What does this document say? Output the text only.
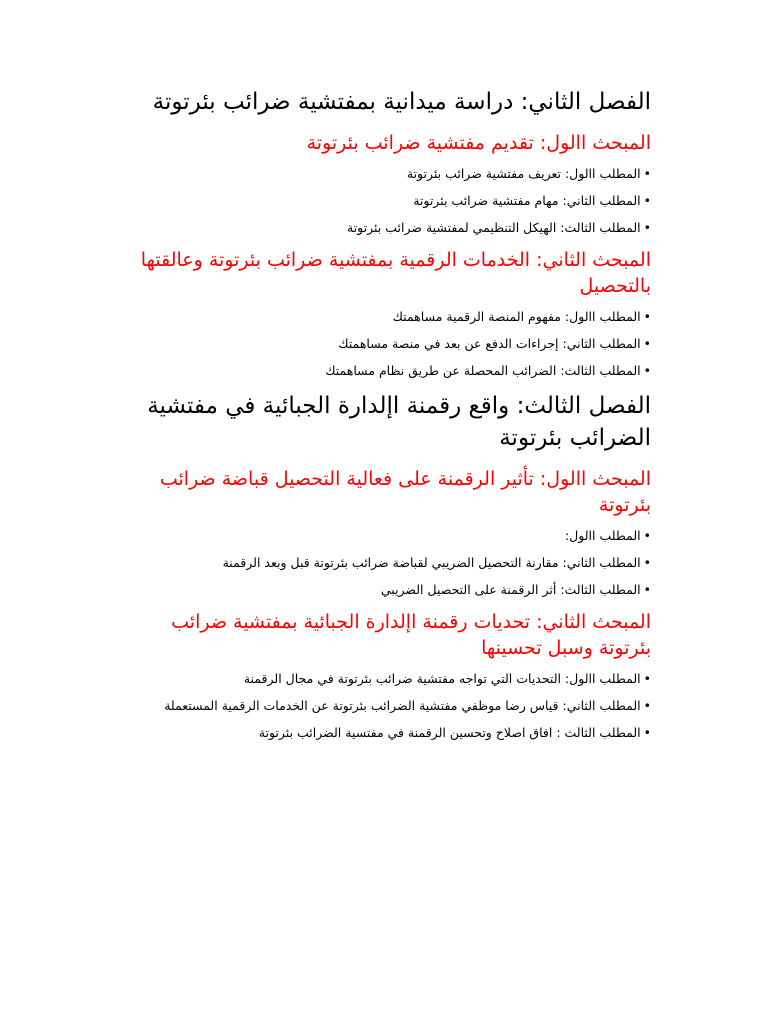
الفصل الثاني: دراسة ميدانية بمفتشية ضرائب بئرتوتة
المبحث االول: تقديم مفتشية ضرائب بئرتوتة
•المطلب االول: تعريف مفتشية ضرائب بئرتوتة
•المطلب الثاني: مهام مفتشية ضرائب بئرتوتة
•المطلب الثالث: الهيكل التنظيمي لمفتشية ضرائب بئرتوتة
المبحث الثاني: الخدمات الرقمية بمفتشية ضرائب بئرتوتة وعالقتها بالتحصيل
•المطلب االول: مفهوم المنصة الرقمية مساهمتك
•المطلب الثاني: إجراءات الدفع عن بعد في منصة مساهمتك
•المطلب الثالث: الضرائب المحصلة عن طريق نظام مساهمتك
الفصل الثالث: واقع رقمنة اإلدارة الجبائية في مفتشية الضرائب بئرتوتة
المبحث االول: تأثير الرقمنة على فعالية التحصيل قباضة ضرائب بئرتوتة
•المطلب االول:
•المطلب الثاني: مقارنة التحصيل الضريبي لقباضة ضرائب بئرتوتة قبل وبعد الرقمنة
•المطلب الثالث: أثر الرقمنة على التحصيل الضريبي
المبحث الثاني: تحديات رقمنة اإلدارة الجبائية بمفتشية ضرائب بئرتوتة وسبل تحسينها
•المطلب االول: التحديات التي تواجه مفتشية ضرائب بئرتوتة في مجال الرقمنة
•المطلب الثاني: قياس رضا موظفي مفتشية الضرائب بئرتوتة عن الخدمات الرقمية المستعملة
•المطلب الثالث : افاق اصلاح وتحسين الرقمنة في مفتسية الضرائب بئرتوتة
